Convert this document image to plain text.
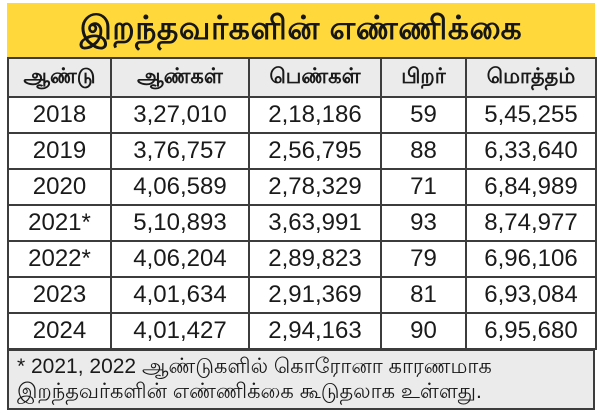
இறந்தவர்களின் எண்ணிக்கை
ஆண்டு	ஆண்கள்	பெண்கள்	பிறர்	மொத்தம்
2018	3,27,010	2,18,186	59	5,45,255
2019	3,76,757	2,56,795	88	6,33,640
2020	4,06,589	2,78,329	71	6,84,989
2021*	5,10,893	3,63,991	93	8,74,977
2022*	4,06,204	2,89,823	79	6,96,106
2023	4,01,634	2,91,369	81	6,93,084
2024	4,01,427	2,94,163	90	6,95,680
* 2021, 2022 ஆண்டுகளில் கொரோனா காரணமாக இறந்தவர்களின் எண்ணிக்கை கூடுதலாக உள்ளது.
